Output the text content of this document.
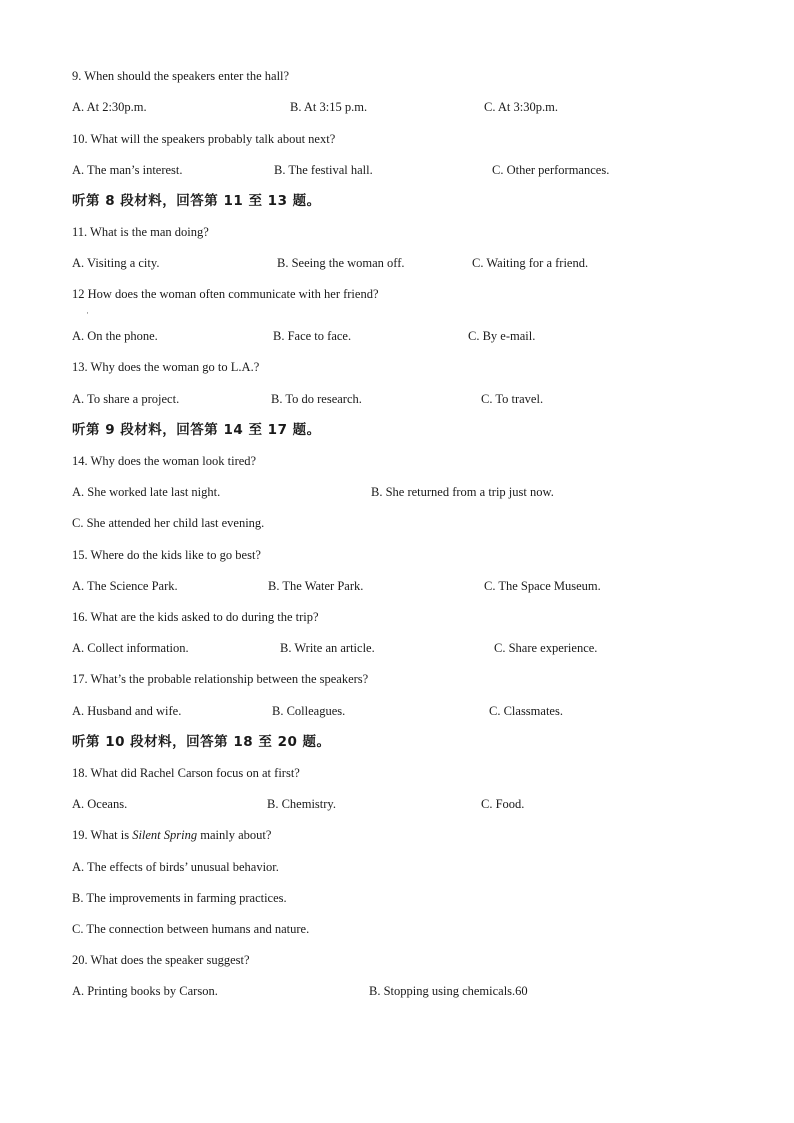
9. When should the speakers enter the hall?
A. At 2:30p.m.	B. At 3:15 p.m.	C. At 3:30p.m.
10. What will the speakers probably talk about next?
A. The man’s interest.	B. The festival hall.	C. Other performances.
听第 8 段材料，回答第 11 至 13 题。
11. What is the man doing?
A. Visiting a city.	B. Seeing the woman off.	C. Waiting for a friend.
12 How does the woman often communicate with her friend?
·
A. On the phone.	B. Face to face.	C. By e-mail.
13. Why does the woman go to L.A.?
A. To share a project.	B. To do research.	C. To travel.
听第 9 段材料，回答第 14 至 17 题。
14. Why does the woman look tired?
A. She worked late last night.	B. She returned from a trip just now.
C. She attended her child last evening.
15. Where do the kids like to go best?
A. The Science Park.	B. The Water Park.	C. The Space Museum.
16. What are the kids asked to do during the trip?
A. Collect information.	B. Write an article.	C. Share experience.
17. What’s the probable relationship between the speakers?
A. Husband and wife.	B. Colleagues.	C. Classmates.
听第 10 段材料，回答第 18 至 20 题。
18. What did Rachel Carson focus on at first?
A. Oceans.	B. Chemistry.	C. Food.
19. What is Silent Spring mainly about?
A. The effects of birds’ unusual behavior.
B. The improvements in farming practices.
C. The connection between humans and nature.
20. What does the speaker suggest?
A. Printing books by Carson.	B. Stopping using chemicals.60
